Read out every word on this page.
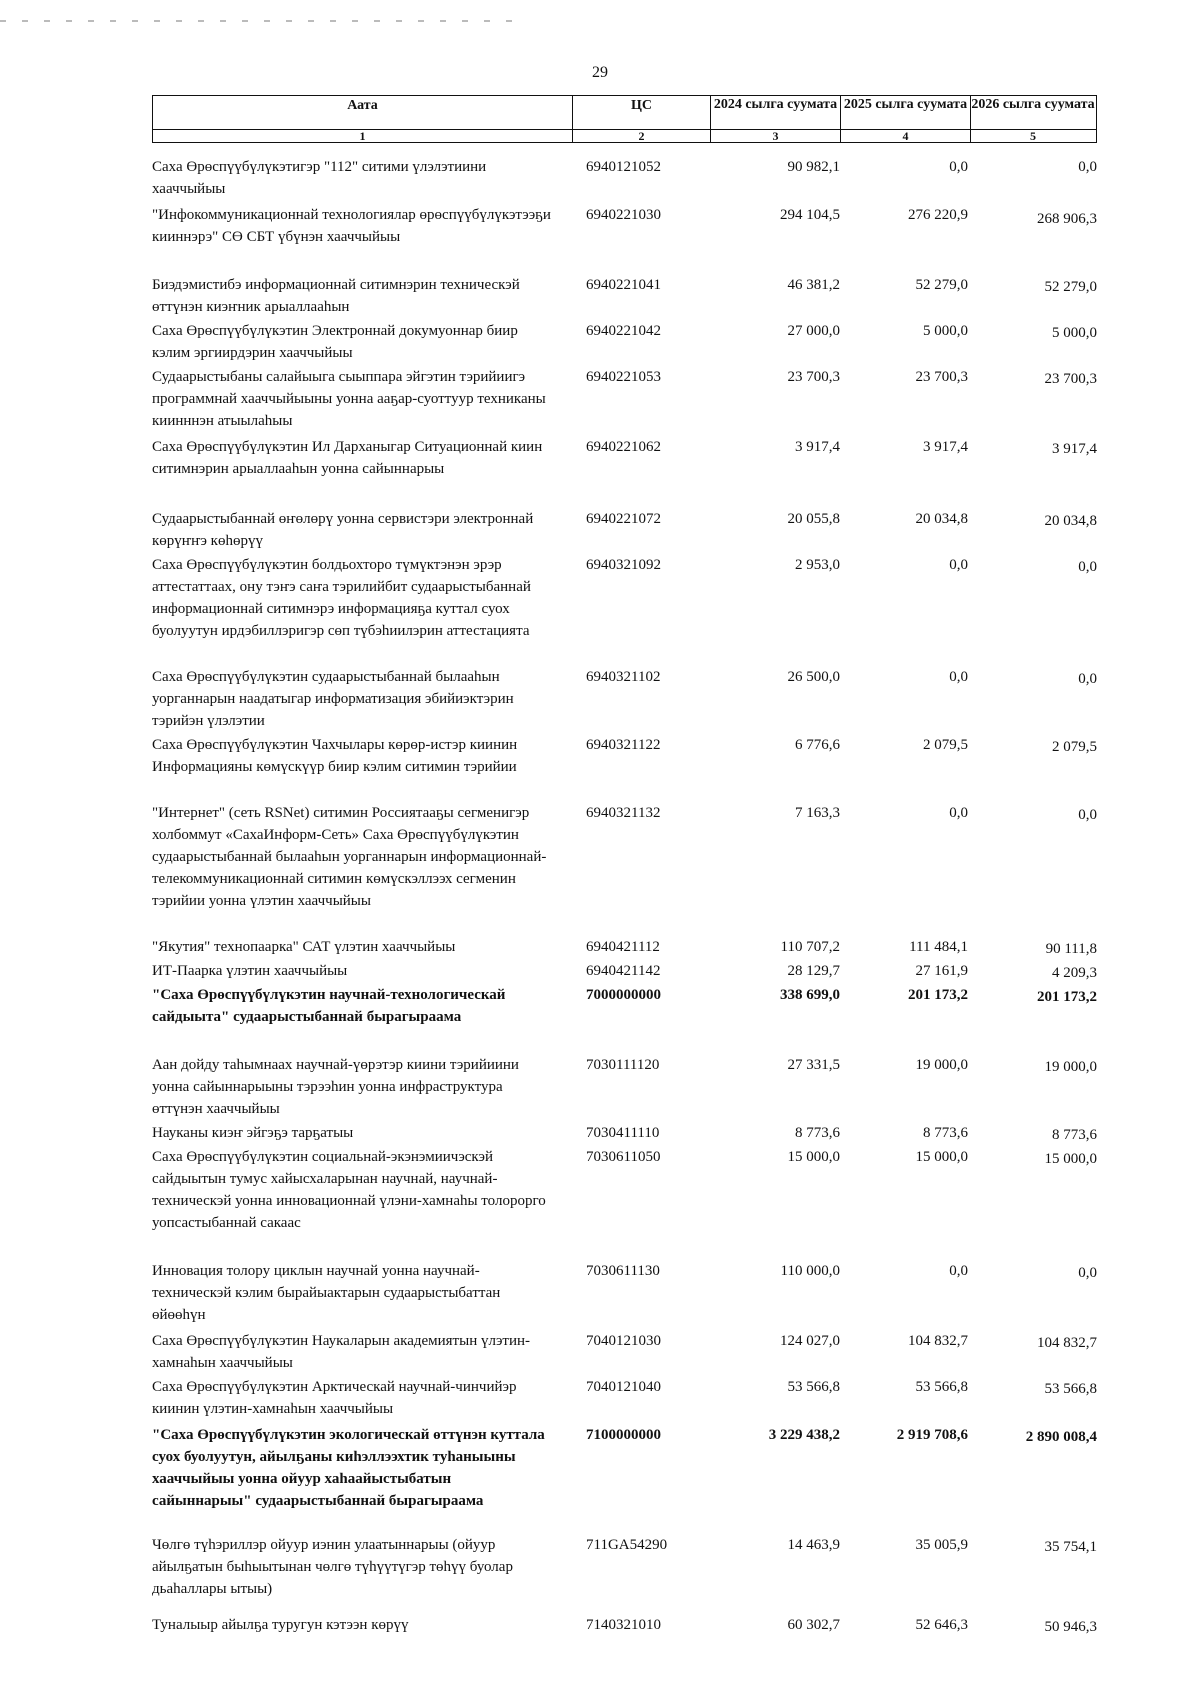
29
Аата	ЦС	2024 сылга суумата 2025 сылга суумата 2026 сылга суумата
1	2	3	4	5
Саха Өрөспүүбүлүкэтигэр "112" ситими үлэлэтиини хааччыйыы
6940121052	90 982,1	0,0	0,0
"Инфокоммуникационнай технологиялар өрөспүүбүлүкэтээҕи кииннэрэ" СӨ СБТ үбүнэн хааччыйыы
6940221030	294 104,5	276 220,9	268 906,3
Биэдэмистибэ информационнай ситимнэрин техническэй өттүнэн киэҥник арыаллааһын
6940221041	46 381,2	52 279,0	52 279,0
Саха Өрөспүүбүлүкэтин Электроннай докумуоннар биир кэлим эргиирдэрин хааччыйыы
6940221042	27 000,0	5 000,0	5 000,0
Судаарыстыбаны салайыыга сыыппара эйгэтин тэрийиигэ программнай хааччыйыыны уонна ааҕар-суоттуур техниканы киинннэн атыылаһыы
6940221053	23 700,3	23 700,3	23 700,3
Саха Өрөспүүбүлүкэтин Ил Дарханыгар Ситуационнай киин ситимнэрин арыаллааһын уонна сайыннарыы
6940221062	3 917,4	3 917,4	3 917,4
Судаарыстыбаннай өҥөлөрү уонна сервистэри электроннай көрүҥҥэ көһөрүү
6940221072	20 055,8	20 034,8	20 034,8
Саха Өрөспүүбүлүкэтин болдьохторо түмүктэнэн эрэр аттестаттаах, ону тэҥэ саҥа тэрилийбит судаарыстыбаннай информационнай ситимнэрэ информацияҕа куттал суох буолуутун ирдэбиллэригэр сөп түбэһиилэрин аттестацията
6940321092	2 953,0	0,0	0,0
Саха Өрөспүүбүлүкэтин судаарыстыбаннай былааһын уорганнарын наадатыгар информатизация эбийиэктэрин тэрийэн үлэлэтии
6940321102	26 500,0	0,0	0,0
Саха Өрөспүүбүлүкэтин Чахчылары көрөр-истэр киинин Информацияны көмүскүүр биир кэлим ситимин тэрийии
6940321122	6 776,6	2 079,5	2 079,5
"Интернет" (сеть RSNet) ситимин Россиятааҕы сегменигэр холбоммут «СахаИнформ-Сеть» Саха Өрөспүүбүлүкэтин судаарыстыбаннай былааһын уорганнарын информационнай-телекоммуникационнай ситимин көмүскэллээх сегменин тэрийии уонна үлэтин хааччыйыы
6940321132	7 163,3	0,0	0,0
"Якутия" технопаарка" САТ үлэтин хааччыйыы	6940421112	110 707,2	111 484,1	90 111,8
ИТ-Паарка үлэтин хааччыйыы	6940421142	28 129,7	27 161,9	4 209,3
"Саха Өрөспүүбүлүкэтин научнай-технологическай сайдыыта" судаарыстыбаннай бырагыраама
7000000000	338 699,0	201 173,2	201 173,2
Аан дойду таһымнаах научнай-үөрэтэр киини тэрийиини уонна сайыннарыыны тэрээһин уонна инфраструктура өттүнэн хааччыйыы
7030111120	27 331,5	19 000,0	19 000,0
Науканы киэҥ эйгэҕэ тарҕатыы	7030411110	8 773,6	8 773,6	8 773,6
Саха Өрөспүүбүлүкэтин социальнай-экэнэмиичэскэй сайдыытын тумус хайысхаларынан научнай, научнай-техническэй уонна инновационнай үлэни-хамнаһы толорорго уопсастыбаннай сакаас
7030611050	15 000,0	15 000,0	15 000,0
Инновация толору циклын научнай уонна научнай-техническэй кэлим бырайыактарын судаарыстыбаттан өйөөһүн
7030611130	110 000,0	0,0	0,0
Саха Өрөспүүбүлүкэтин Наукаларын академиятын үлэтин-хамнаһын хааччыйыы
7040121030	124 027,0	104 832,7	104 832,7
Саха Өрөспүүбүлүкэтин Арктическай научнай-чинчийэр киинин үлэтин-хамнаһын хааччыйыы
7040121040	53 566,8	53 566,8	53 566,8
"Саха Өрөспүүбүлүкэтин экологическай өттүнэн куттала суох буолуутун, айылҕаны киһэллээхтик туһаныыны хааччыйыы уонна ойуур хаһаайыстыбатын сайыннарыы" судаарыстыбаннай бырагыраама
7100000000	3 229 438,2	2 919 708,6	2 890 008,4
Чөлгө түһэриллэр ойуур иэнин улаатыннарыы (ойуур айылҕатын быһыытынан чөлгө түһүүтүгэр төһүү буолар дьаһаллары ытыы)
711GA54290	14 463,9	35 005,9	35 754,1
Туналыыр айылҕа туругун кэтээн көрүү	7140321010	60 302,7	52 646,3	50 946,3
